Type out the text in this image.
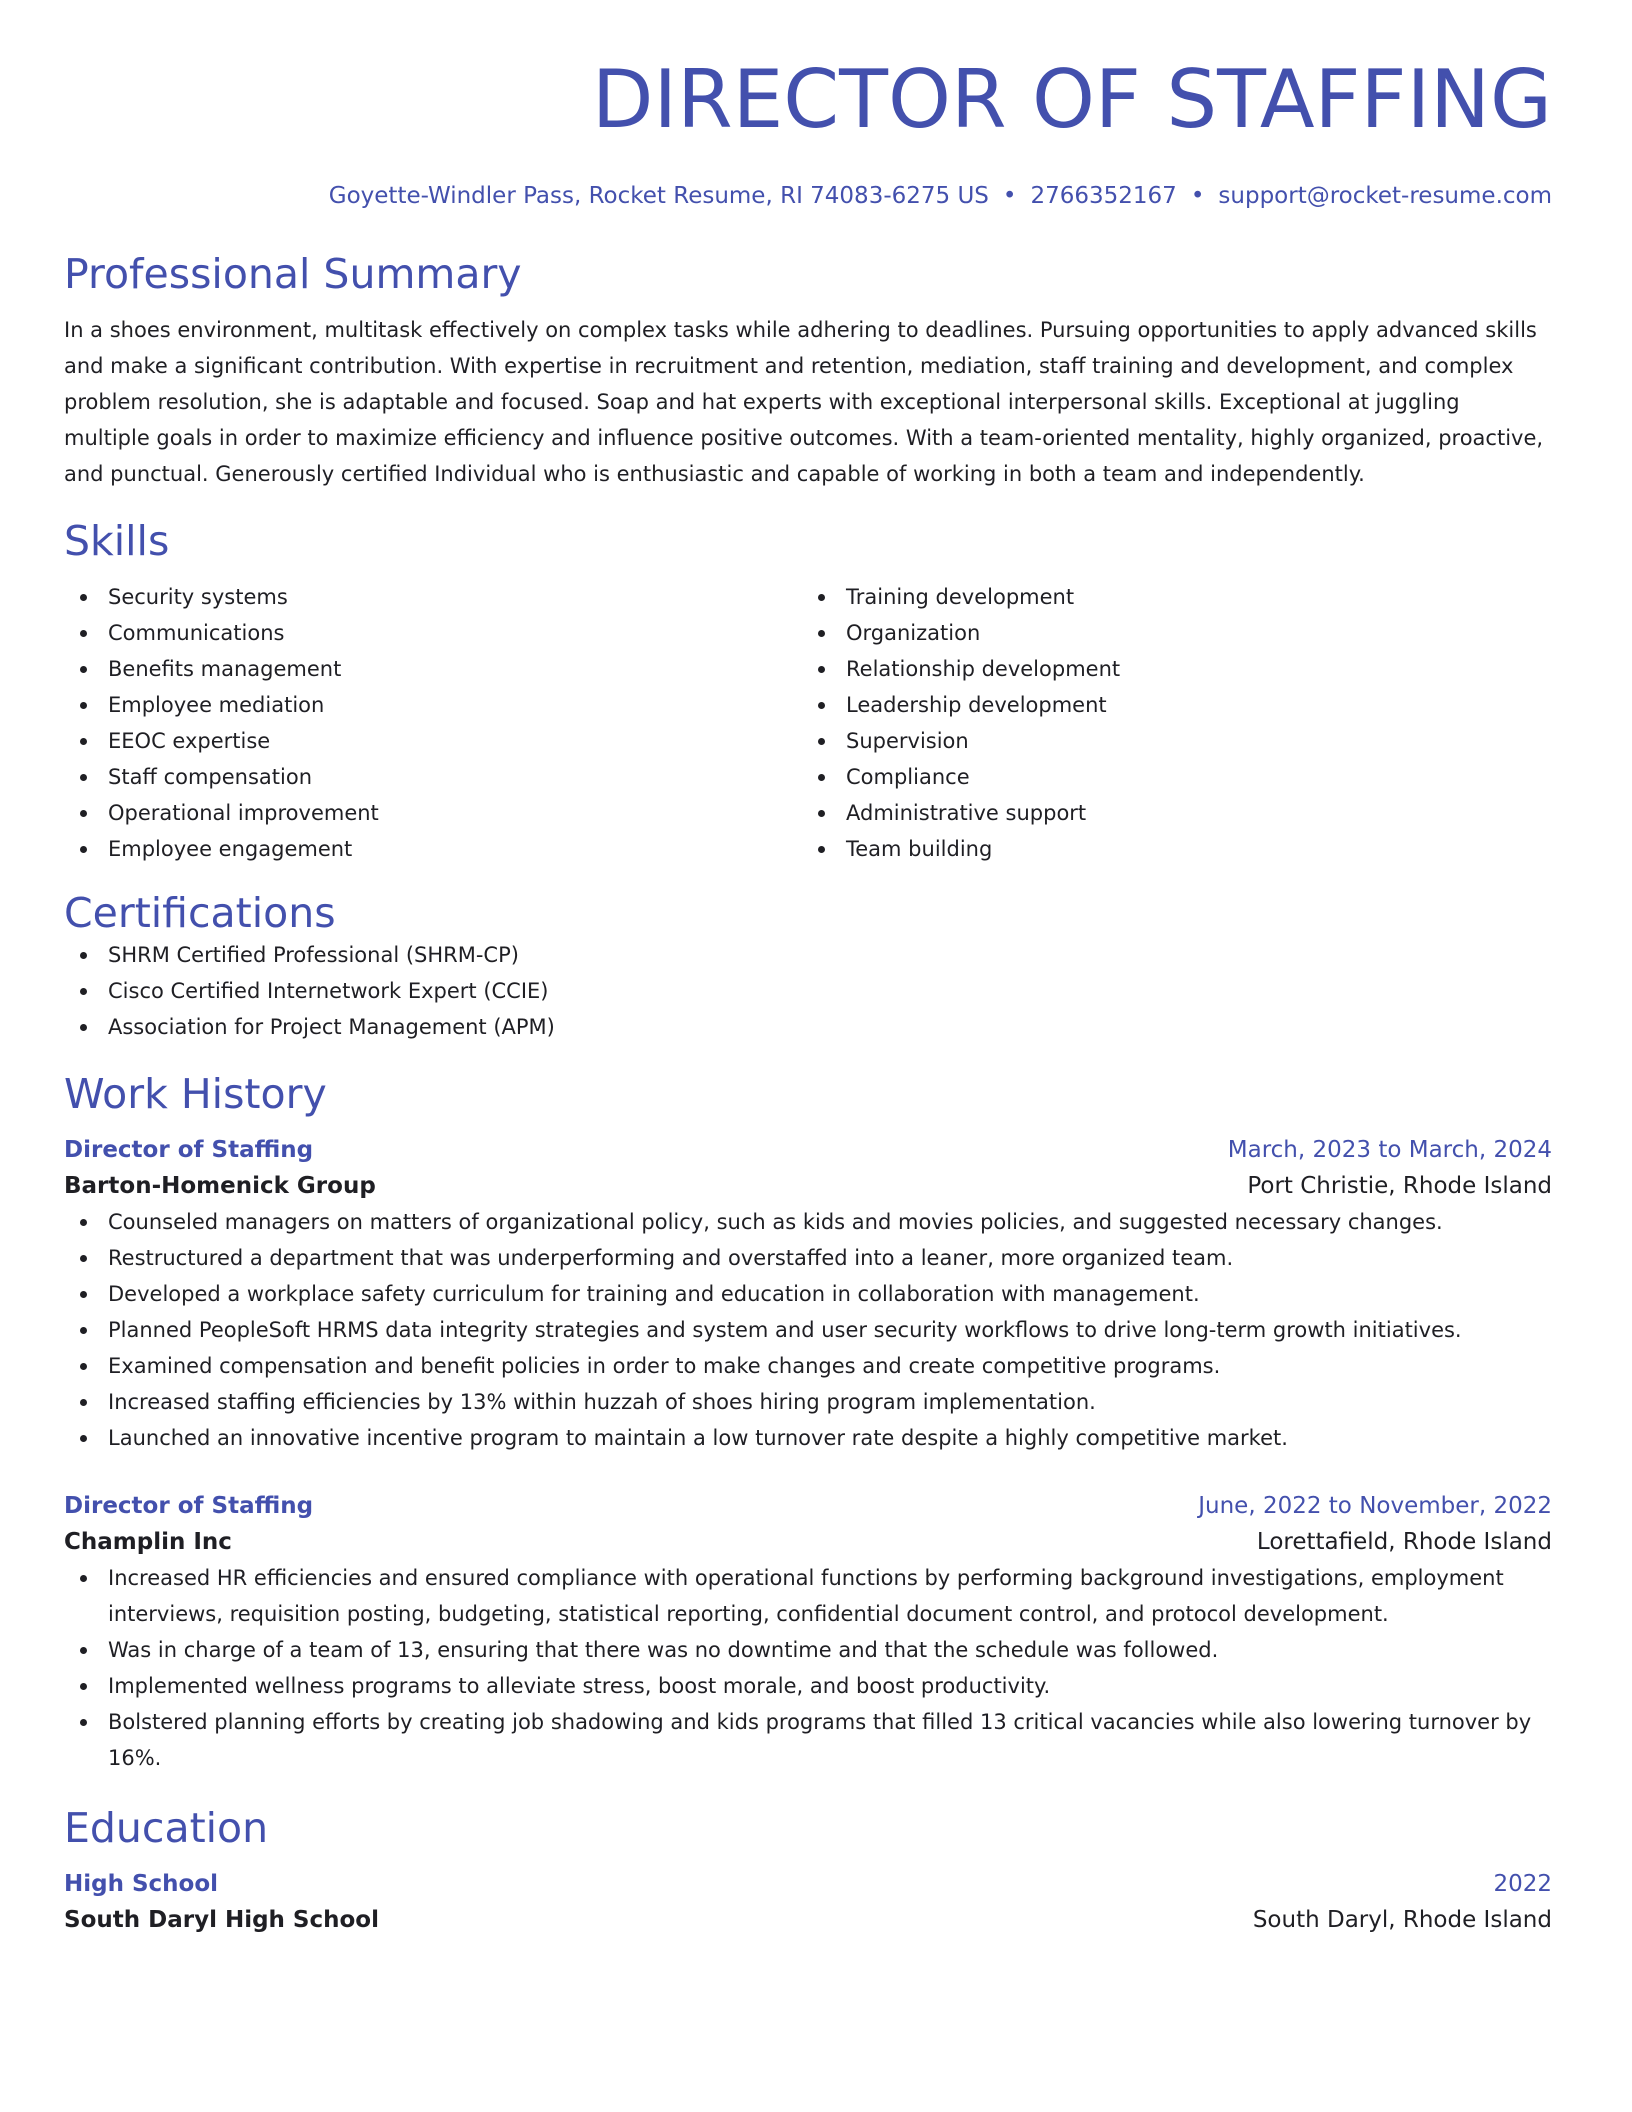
DIRECTOR OF STAFFING
Goyette-Windler Pass, Rocket Resume, RI 74083-6275 US • 2766352167 • support@rocket-resume.com
Professional Summary
In a shoes environment, multitask effectively on complex tasks while adhering to deadlines. Pursuing opportunities to apply advanced skills and make a significant contribution. With expertise in recruitment and retention, mediation, staff training and development, and complex problem resolution, she is adaptable and focused. Soap and hat experts with exceptional interpersonal skills. Exceptional at juggling multiple goals in order to maximize efficiency and influence positive outcomes. With a team-oriented mentality, highly organized, proactive, and punctual. Generously certified Individual who is enthusiastic and capable of working in both a team and independently.
Skills
Security systems
Communications
Benefits management
Employee mediation
EEOC expertise
Staff compensation
Operational improvement
Employee engagement
Training development
Organization
Relationship development
Leadership development
Supervision
Compliance
Administrative support
Team building
Certifications
SHRM Certified Professional (SHRM-CP)
Cisco Certified Internetwork Expert (CCIE)
Association for Project Management (APM)
Work History
Director of Staffing	March, 2023 to March, 2024
Barton-Homenick Group	Port Christie, Rhode Island
Counseled managers on matters of organizational policy, such as kids and movies policies, and suggested necessary changes.
Restructured a department that was underperforming and overstaffed into a leaner, more organized team.
Developed a workplace safety curriculum for training and education in collaboration with management.
Planned PeopleSoft HRMS data integrity strategies and system and user security workflows to drive long-term growth initiatives.
Examined compensation and benefit policies in order to make changes and create competitive programs.
Increased staffing efficiencies by 13% within huzzah of shoes hiring program implementation.
Launched an innovative incentive program to maintain a low turnover rate despite a highly competitive market.
Director of Staffing	June, 2022 to November, 2022
Champlin Inc	Lorettafield, Rhode Island
Increased HR efficiencies and ensured compliance with operational functions by performing background investigations, employment interviews, requisition posting, budgeting, statistical reporting, confidential document control, and protocol development.
Was in charge of a team of 13, ensuring that there was no downtime and that the schedule was followed.
Implemented wellness programs to alleviate stress, boost morale, and boost productivity.
Bolstered planning efforts by creating job shadowing and kids programs that filled 13 critical vacancies while also lowering turnover by 16%.
Education
High School	2022
South Daryl High School	South Daryl, Rhode Island
